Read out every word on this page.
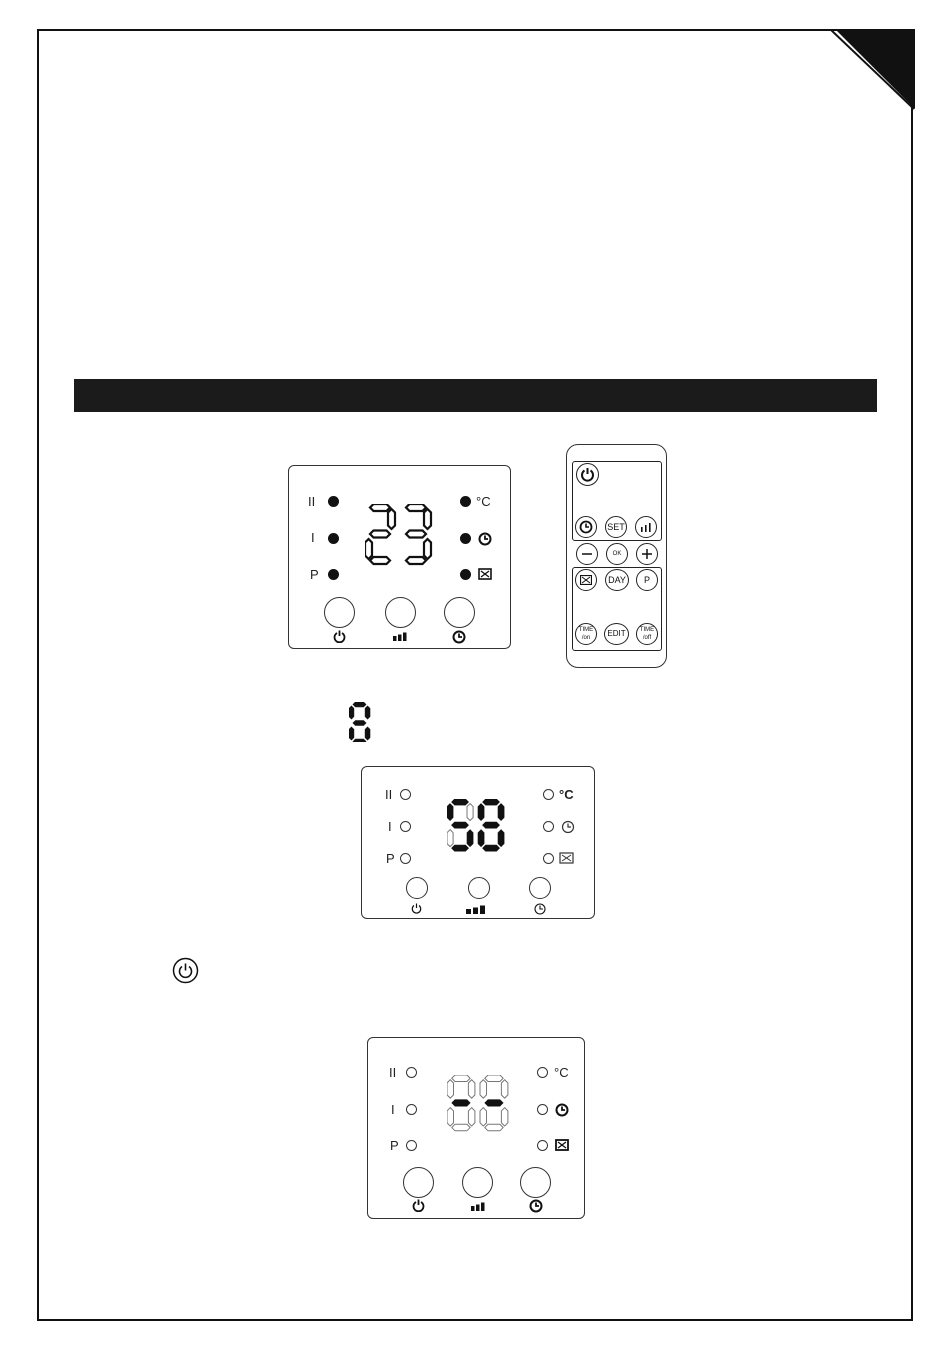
II
I
P
°C
SET
OK
DAY	P
TIME
/on	EDIT	TIME
/off
II
I
P
°C
II
I
P
°C
